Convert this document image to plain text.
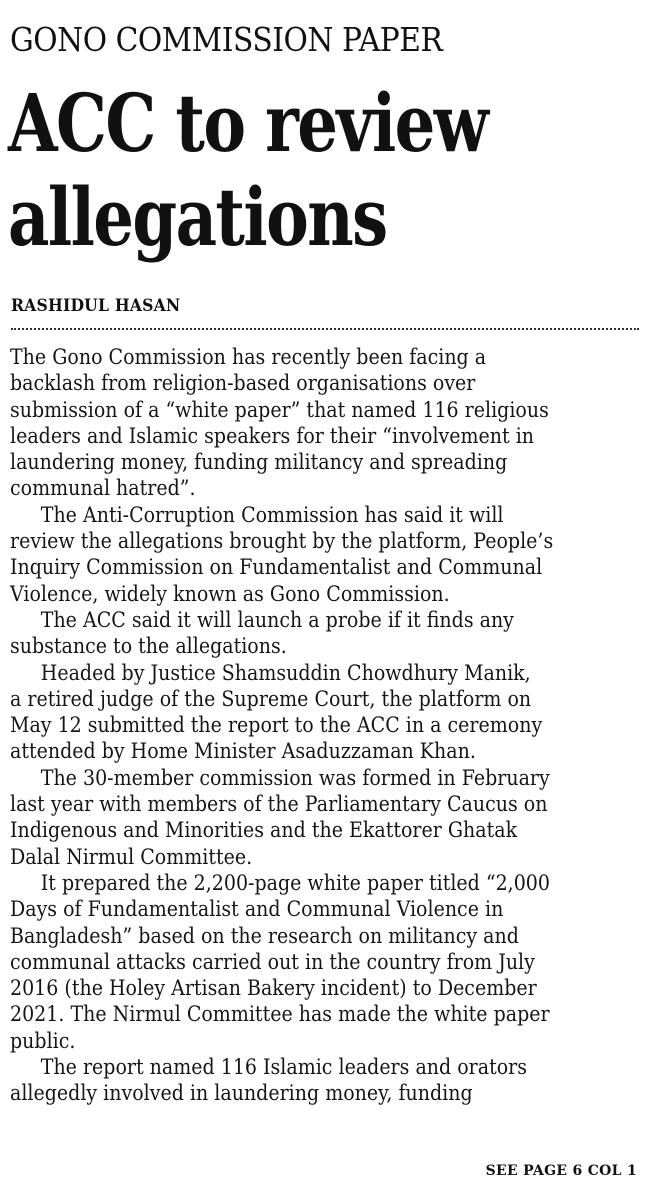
GONO COMMISSION PAPER
ACC to review
allegations
RASHIDUL HASAN

The Gono Commission has recently been facing a
backlash from religion-based organisations over
submission of a “white paper” that named 116 religious
leaders and Islamic speakers for their “involvement in
laundering money, funding militancy and spreading
communal hatred”.

The Anti-Corruption Commission has said it will
review the allegations brought by the platform, People’s
Inquiry Commission on Fundamentalist and Communal
Violence, widely known as Gono Commission.

The ACC said it will launch a probe if it finds any
substance to the allegations.

Headed by Justice Shamsuddin Chowdhury Manik,
a retired judge of the Supreme Court, the platform on
May 12 submitted the report to the ACC in a ceremony
attended by Home Minister Asaduzzaman Khan.

The 30-member commission was formed in February
last year with members of the Parliamentary Caucus on
Indigenous and Minorities and the Ekattorer Ghatak
Dalal Nirmul Committee.

It prepared the 2,200-page white paper titled “2,000
Days of Fundamentalist and Communal Violence in
Bangladesh” based on the research on militancy and
communal attacks carried out in the country from July
2016 (the Holey Artisan Bakery incident) to December
2021. The Nirmul Committee has made the white paper
public.

The report named 116 Islamic leaders and orators
allegedly involved in laundering money, funding

SEE PAGE 6 COL 1
